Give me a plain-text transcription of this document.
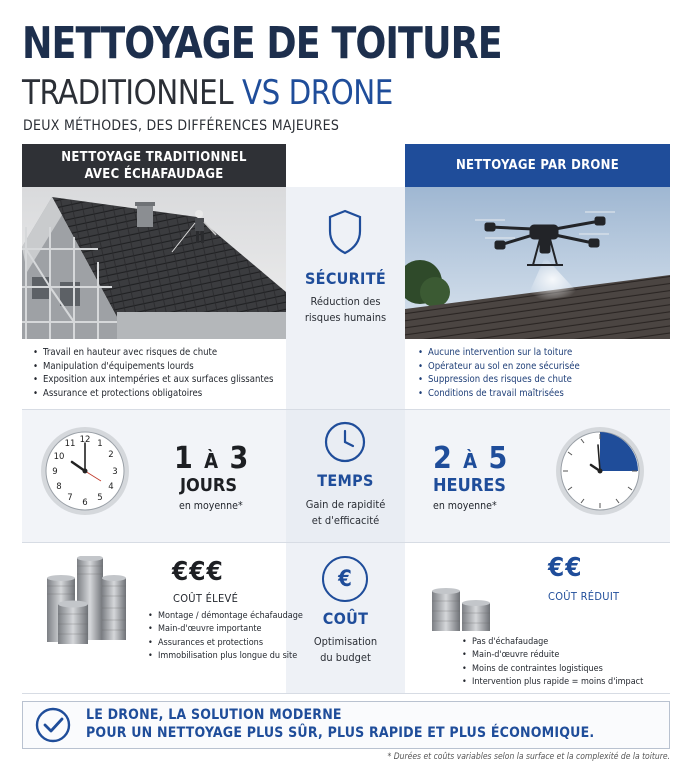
NETTOYAGE DE TOITURE
TRADITIONNEL VS DRONE
DEUX MÉTHODES, DES DIFFÉRENCES MAJEURES
NETTOYAGE TRADITIONNEL
AVEC ÉCHAFAUDAGE
NETTOYAGE PAR DRONE
SÉCURITÉ
Réduction des
risques humains
• Travail en hauteur avec risques de chute
• Manipulation d'équipements lourds
• Exposition aux intempéries et aux surfaces glissantes
• Assurance et protections obligatoires
• Aucune intervention sur la toiture
• Opérateur au sol en zone sécurisée
• Suppression des risques de chute
• Conditions de travail maîtrisées
12 1
2
3
4
5
6
7
8
9
10
11	1 À 3
JOURS
en moyenne*
TEMPS
Gain de rapidité
et d'efficacité
2 À 5
HEURES
en moyenne*
€€€
COÛT ÉLEVÉ
• Montage / démontage échafaudage
• Main-d'œuvre importante
• Assurances et protections
• Immobilisation plus longue du site
€
COÛT
Optimisation
du budget
€€
COÛT RÉDUIT
• Pas d'échafaudage
• Main-d'œuvre réduite
• Moins de contraintes logistiques
• Intervention plus rapide = moins d'impact
LE DRONE, LA SOLUTION MODERNE
POUR UN NETTOYAGE PLUS SÛR, PLUS RAPIDE ET PLUS ÉCONOMIQUE.
* Durées et coûts variables selon la surface et la complexité de la toiture.
